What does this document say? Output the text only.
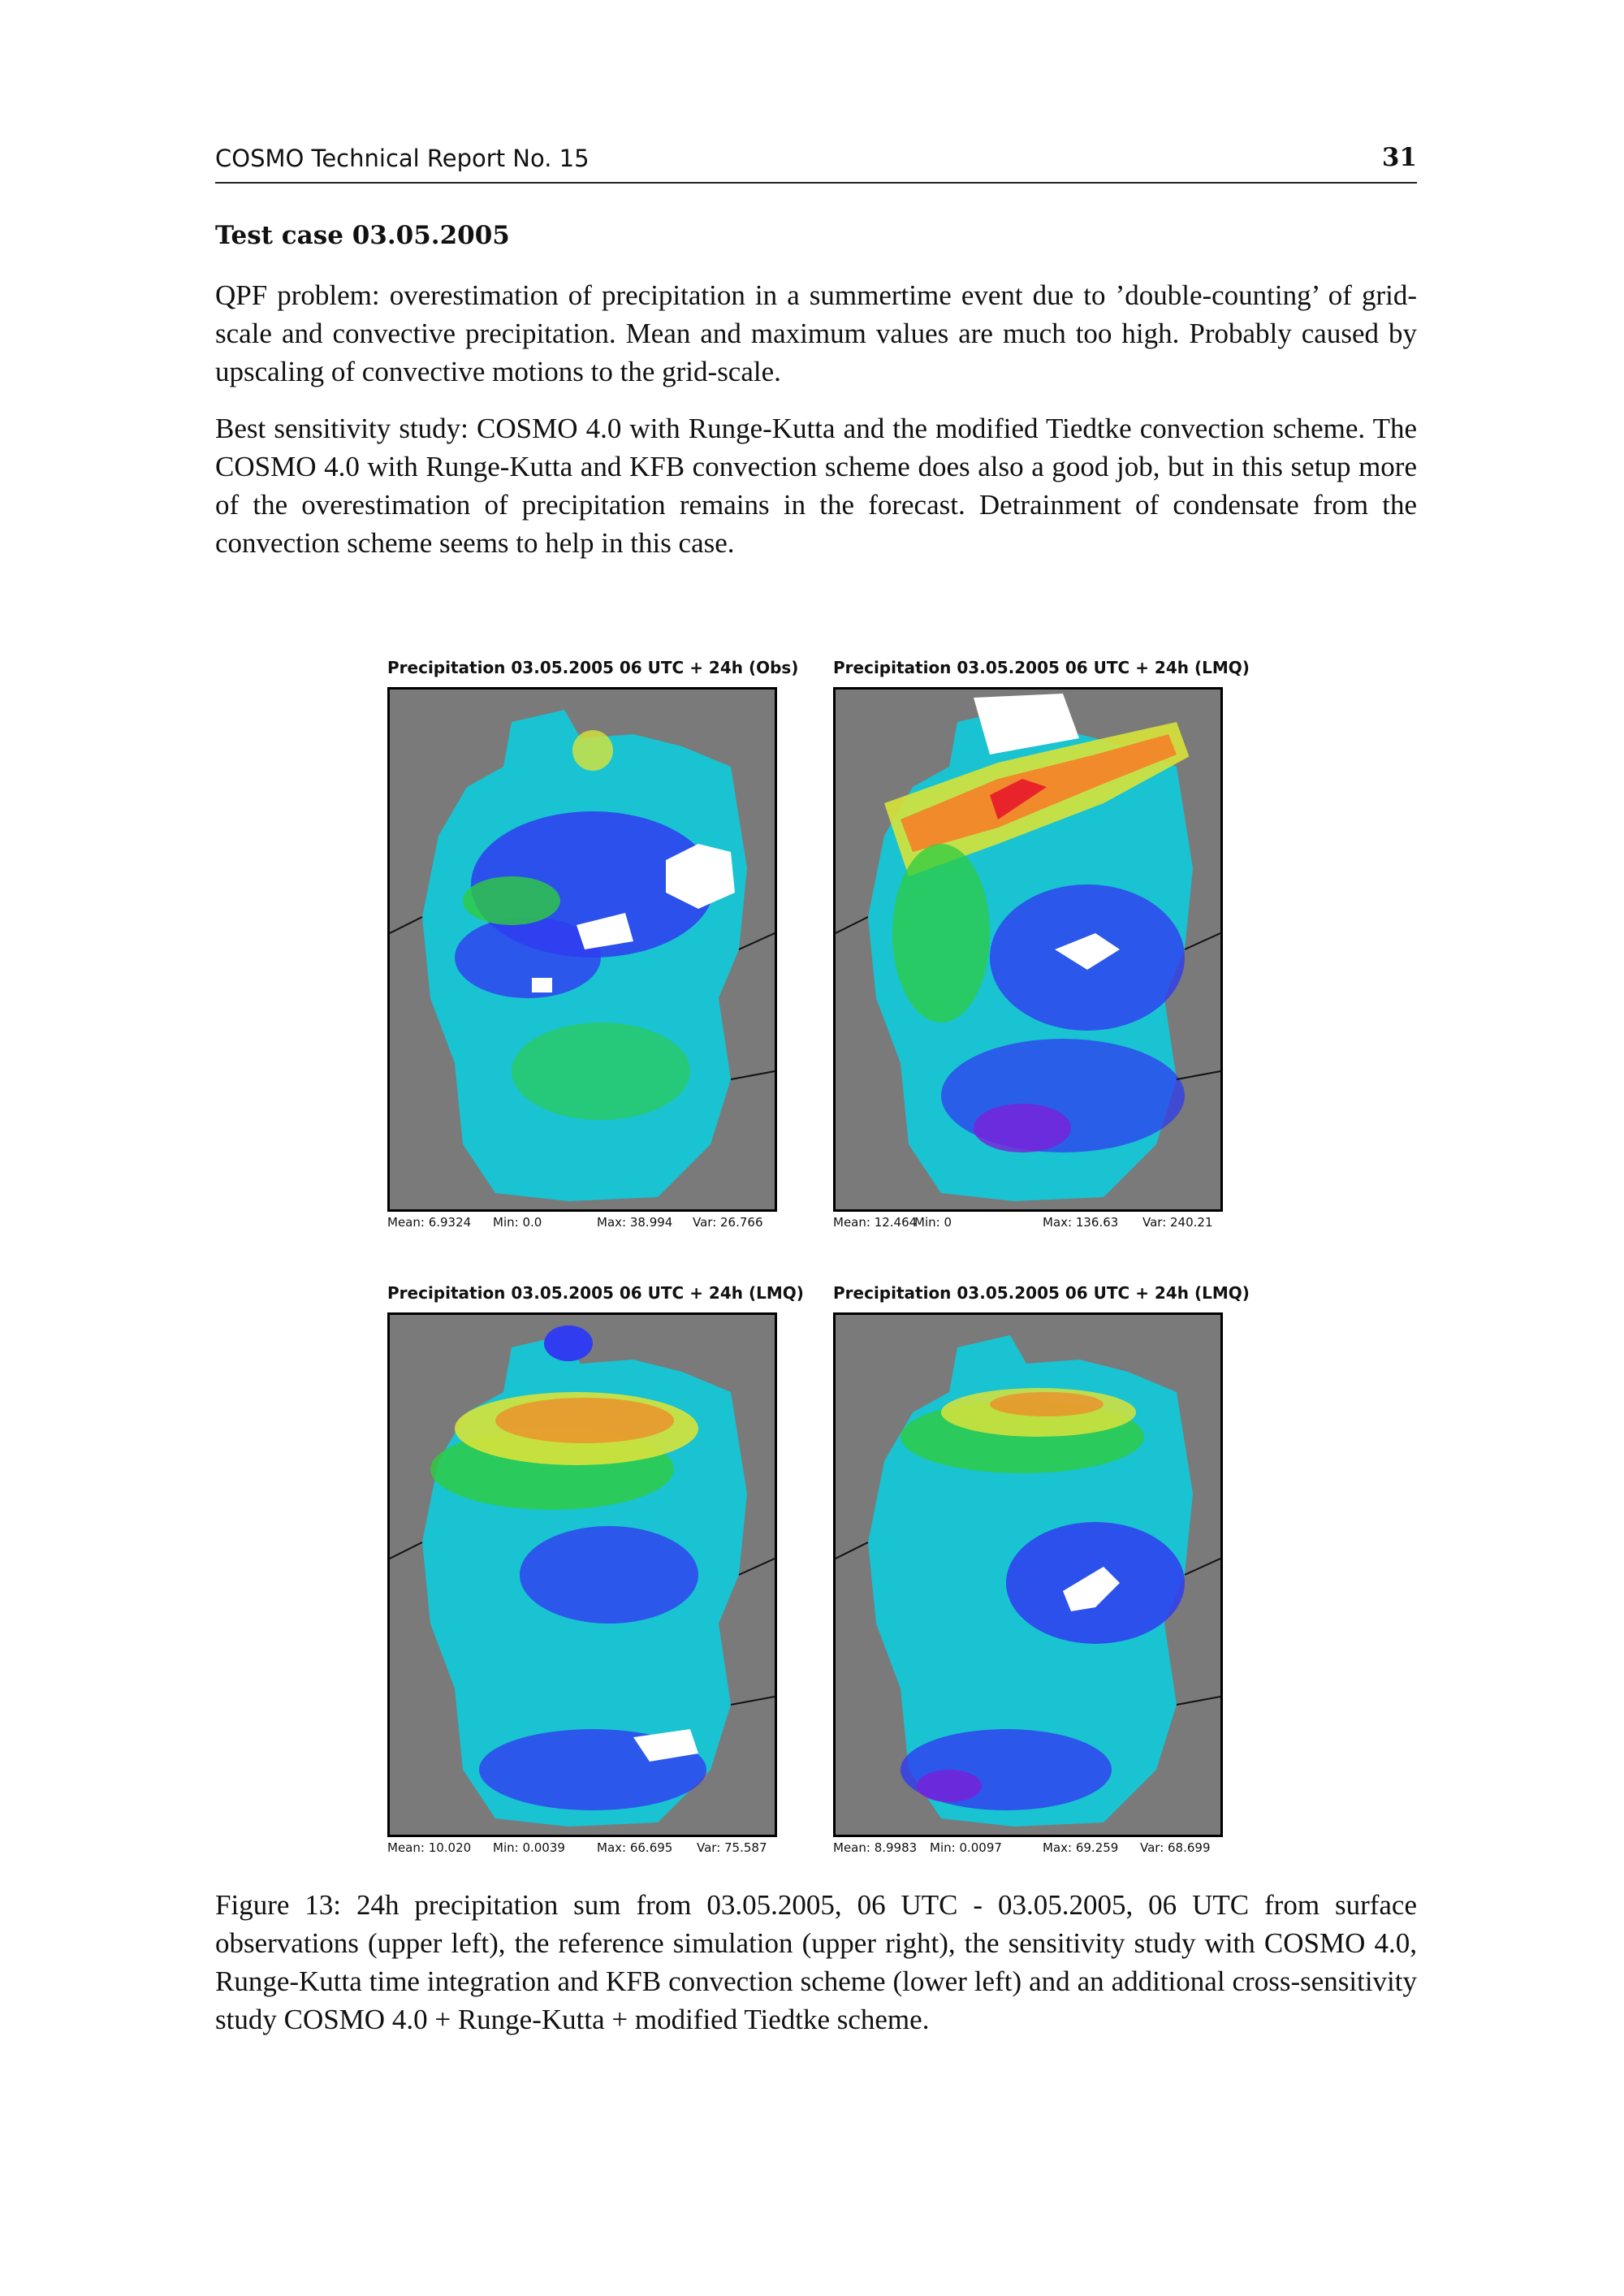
COSMO Technical Report No. 15	31
Test case 03.05.2005
QPF problem: overestimation of precipitation in a summertime event due to ’double-counting’ of grid-scale and convective precipitation. Mean and maximum values are much too high. Probably caused by upscaling of convective motions to the grid-scale.
Best sensitivity study: COSMO 4.0 with Runge-Kutta and the modified Tiedtke convection scheme. The COSMO 4.0 with Runge-Kutta and KFB convection scheme does also a good job, but in this setup more of the overestimation of precipitation remains in the forecast. Detrainment of condensate from the convection scheme seems to help in this case.
Precipitation 03.05.2005 06 UTC + 24h (Obs)
Mean: 6.9324 Min: 0.0	Max: 38.994 Var: 26.766
Precipitation 03.05.2005 06 UTC + 24h (LMQ)
Mean: 12.464
Min: 0	Max: 136.63 Var: 240.21
Precipitation 03.05.2005 06 UTC + 24h (LMQ)
Mean: 10.020 Min: 0.0039	Max: 66.695 Var: 75.587
Precipitation 03.05.2005 06 UTC + 24h (LMQ)
Mean: 8.9983 Min: 0.0097	Max: 69.259 Var: 68.699
Figure 13: 24h precipitation sum from 03.05.2005, 06 UTC - 03.05.2005, 06 UTC from surface observations (upper left), the reference simulation (upper right), the sensitivity study with COSMO 4.0, Runge-Kutta time integration and KFB convection scheme (lower left) and an additional cross-sensitivity study COSMO 4.0 + Runge-Kutta + modified Tiedtke scheme.
